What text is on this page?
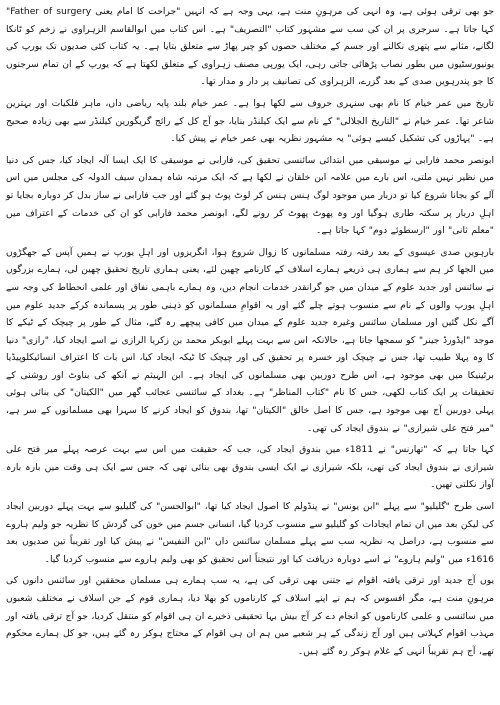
جو بھی ترقی ہوئی ہے، وہ انہی کی مرہونِ منت ہے، یہی وجہ ہے کہ انہیں "جراحت کا امام یعنی Father of surgery" کہا جاتا ہے۔ سرجری پر ان کی سب سے مشہور کتاب "التصریف" ہے۔ اس کتاب میں ابوالقاسم الزہراوی نے زخم کو ٹانکا لگانے، مثانے سے پتھری نکالنے اور جسم کے مختلف حصوں کو چیر پھاڑ سے متعلق بتایا ہے۔ یہ کتاب کئی صدیوں تک یورپ کی یونیورسٹیوں میں بطور نصاب پڑھائی جاتی رہی، ایک یورپی مصنف زہراوی کے متعلق لکھتا ہے کہ یورپ کے ان تمام سرجنوں کا جو پندرہویں صدی کے بعد گزرے، الزہراوی کی تصانیف پر دار و مدار تھا۔

تاریخ میں عمر خیام کا نام بھی سنہری حروف سے لکھا ہوا ہے۔ عمر خیام بلند پایہ ریاضی داں، ماہر فلکیات اور بہترین شاعر تھا۔ عمر خیام نے "التاریخ الجلالی" کے نام سے ایک کیلنڈر بنایا، جو آج کل کے رائج گریگورین کیلنڈر سے بھی زیادہ صحیح ہے۔ "پہاڑوں کی تشکیل کیسے ہوئی" یہ مشہور نظریہ بھی عمر خیام نے پیش کیا۔

ابونصر محمد فارابی نے موسیقی میں ابتدائی سائنسی تحقیق کی، فارابی نے موسیقی کا ایک ایسا آلہ ایجاد کیا، جس کی دنیا میں نظیر نہیں ملتی، اس بارے میں علامہ ابن خلقان نے لکھا ہے کہ ایک مرتبہ شاہ ہمدان سیف الدولہ کی مجلس میں اس آلے کو بجانا شروع کیا تو دربار میں موجود لوگ ہنس ہنس کر لوٹ پوٹ ہو گئے اور جب فارابی نے ساز بدل کر دوبارہ بجایا تو اہلِ دربار پر سکتہ طاری ہوگیا اور وہ پھوٹ پھوٹ کر رونے لگے، ابونصر محمد فارابی کو ان کی خدمات کے اعتراف میں "معلم ثانی" اور "ارسطوئے دوم" کہا جاتا ہے۔

بارہویں صدی عیسوی کے بعد رفتہ رفتہ مسلمانوں کا زوال شروع ہوا، انگریزوں اور اہلِ یورپ نے ہمیں آپس کے جھگڑوں میں الجھا کر ہم سے ہماری ہی ذریعے ہمارے اسلاف کے کارنامے چھین لئے، یعنی ہماری تاریخ تحقیق چھین لی، ہمارے بزرگوں نے سائنس اور جدید علوم کے میدان میں جو گرانقدر خدمات انجام دیں، وہ ہمارے باہمی نفاق اور علمی انحطاط کی وجہ سے اہلِ یورپ والوں کے نام سے منسوب ہوتے چلے گئے اور یہ اقوامِ مسلمانوں کو ذہنی طور پر پسماندہ کرکے جدید علوم میں آگے نکل گئیں اور مسلمان سائنس وغیرہ جدید علوم کے میدان میں کافی پیچھے رہ گئے، مثال کے طور پر چیچک کے ٹیکے کا موجد "ایڈورڈ جینر" کو سمجھا جاتا ہے، حالانکہ اس سے بہت پہلے ابوبکر محمد بن زکریا الرازی نے اسے ایجاد کیا، "رازی" دنیا کا وہ پہلا طبیب تھا، جس نے چیچک اور خسرہ پر تحقیق کی اور چیچک کا ٹیکہ ایجاد کیا، اس بات کا اعتراف انسائیکلوپیڈیا برٹینیکا میں بھی موجود ہے، اس طرح دوربین بھی مسلمانوں کی ایجاد ہے۔ ابن الہیثم نے آنکھ کی بناوٹ اور روشنی کے تحقیقات پر ایک کتاب لکھی، جس کا نام "کتاب المناظر" ہے۔ بغداد کے سائنسی عجائب گھر میں "الکیتان" کی بنائی ہوئی پہلی دوربین آج بھی موجود ہے، جس کا اصل خالق "الکیتان" تھا، بندوق کو ایجاد کرنے کا سہرا بھی مسلمانوں کے سر ہے، "میر فتح علی شیرازی" نے بندوق ایجاد کی تھی۔

کہا جاتا ہے کہ "تھارنس" نے 1811ء میں بندوق ایجاد کی، جب کہ حقیقت میں اس سے بہت عرصہ پہلے میر فتح علی شیرازی نے بندوق ایجاد کی تھی، بلکہ شیرازی نے ایک ایسی بندوق بھی بنائی تھی کہ جس سے ایک ہی وقت میں بارہ بارہ آواز نکلتی تھیں۔

اسی طرح "گلیلیو" سے پہلے "ابن یونس" نے پنڈولم کا اصول ایجاد کیا تھا، "ابوالحسن" کی گلیلیو سے بہت پہلے دوربین ایجاد کی لیکن بعد میں ان تمام ایجادات کو گلیلیو سے منسوب کردیا گیا، انسانی جسم میں خون کی گردش کا نظریہ جو ولیم ہاروے سے منسوب ہے، دراصل یہ نظریہ سب سے پہلے مسلمان سائنس داں "ابن النفیس" نے پیش کیا اور تقریباً تین صدیوں بعد 1616ء میں "ولیم ہاروے" نے اسے دوبارہ دریافت کیا اور نتیجتاً اس تحقیق کو بھی ولیم ہاروے سے منسوب کردیا گیا۔

یوں آج جدید اور ترقی یافتہ اقوام نے جتنی بھی ترقی کی ہے، یہ سب ہمارے ہی مسلمان محققین اور سائنس دانوں کی مرہونِ منت ہے، مگر افسوس کہ ہم نے اپنے اسلاف کے کارناموں کو بھلا دیا، ہماری قوم کے جن اسلاف نے مختلف شعبوں میں سائنسی و علمی کارناموں کو انجام دے کر آج بیش بہا تحقیقی ذخیرے ان ہی اقوام کو منتقل کردیا، جو آج ترقی یافتہ اور مہذب اقوام کہلاتی ہیں اور آج زندگی کے ہر شعبے میں ہم ان ہی اقوام کے محتاج ہوکر رہ گئے ہیں، جو کل ہمارے محکوم تھے، آج ہم تقریباً انہی کے غلام ہوکر رہ گئے ہیں۔
